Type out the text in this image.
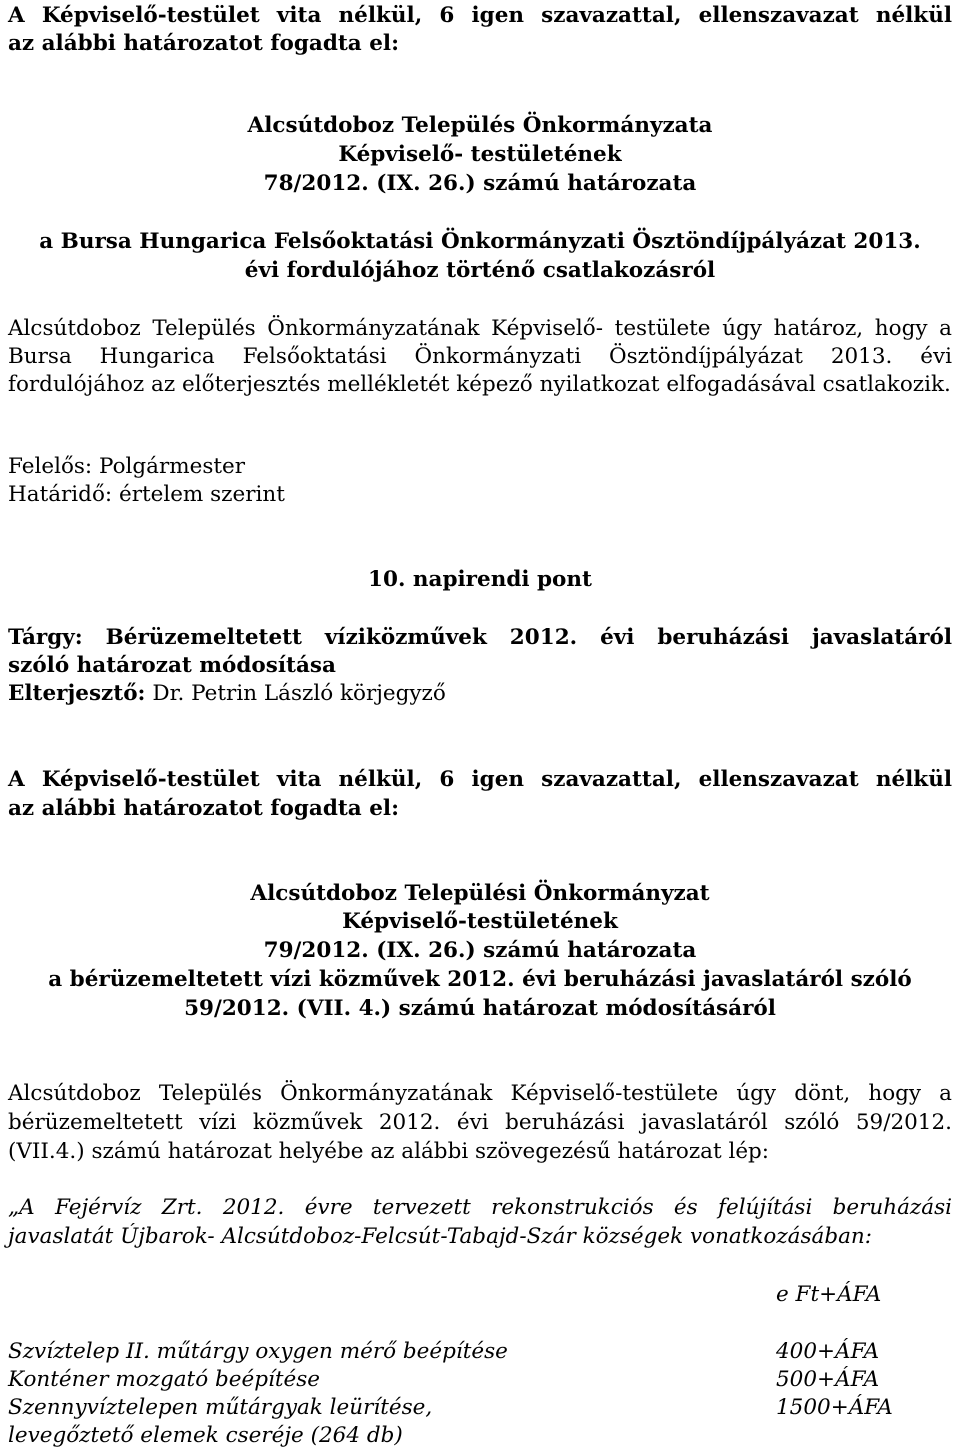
A Képviselő-testület vita nélkül, 6 igen szavazattal, ellenszavazat nélkül

az alábbi határozatot fogadta el:

Alcsútdoboz Település Önkormányzata

Képviselő- testületének

78/2012. (IX. 26.) számú határozata

a Bursa Hungarica Felsőoktatási Önkormányzati Ösztöndíjpályázat 2013.

évi fordulójához történő csatlakozásról

Alcsútdoboz Település Önkormányzatának Képviselő- testülete úgy határoz, hogy a

Bursa Hungarica Felsőoktatási Önkormányzati Ösztöndíjpályázat 2013. évi

fordulójához az előterjesztés mellékletét képező nyilatkozat elfogadásával csatlakozik.

Felelős: Polgármester

Határidő: értelem szerint

10. napirendi pont

Tárgy: Bérüzemeltetett víziközművek 2012. évi beruházási javaslatáról

szóló határozat módosítása

Elterjesztő: Dr. Petrin László körjegyző

A Képviselő-testület vita nélkül, 6 igen szavazattal, ellenszavazat nélkül

az alábbi határozatot fogadta el:

Alcsútdoboz Települési Önkormányzat

Képviselő-testületének

79/2012. (IX. 26.) számú határozata

a bérüzemeltetett vízi közművek 2012. évi beruházási javaslatáról szóló

59/2012. (VII. 4.) számú határozat módosításáról

Alcsútdoboz Település Önkormányzatának Képviselő-testülete úgy dönt, hogy a

bérüzemeltetett vízi közművek 2012. évi beruházási javaslatáról szóló 59/2012.

(VII.4.) számú határozat helyébe az alábbi szövegezésű határozat lép:

„A Fejérvíz Zrt. 2012. évre tervezett rekonstrukciós és felújítási beruházási

javaslatát Újbarok- Alcsútdoboz-Felcsút-Tabajd-Szár községek vonatkozásában:

e Ft+ÁFA

Szvíztelep II. műtárgy oxygen mérő beépítése	400+ÁFA

Konténer mozgató beépítése	500+ÁFA

Szennyvíztelepen műtárgyak leürítése,	1500+ÁFA

levegőztető elemek cseréje (264 db)
